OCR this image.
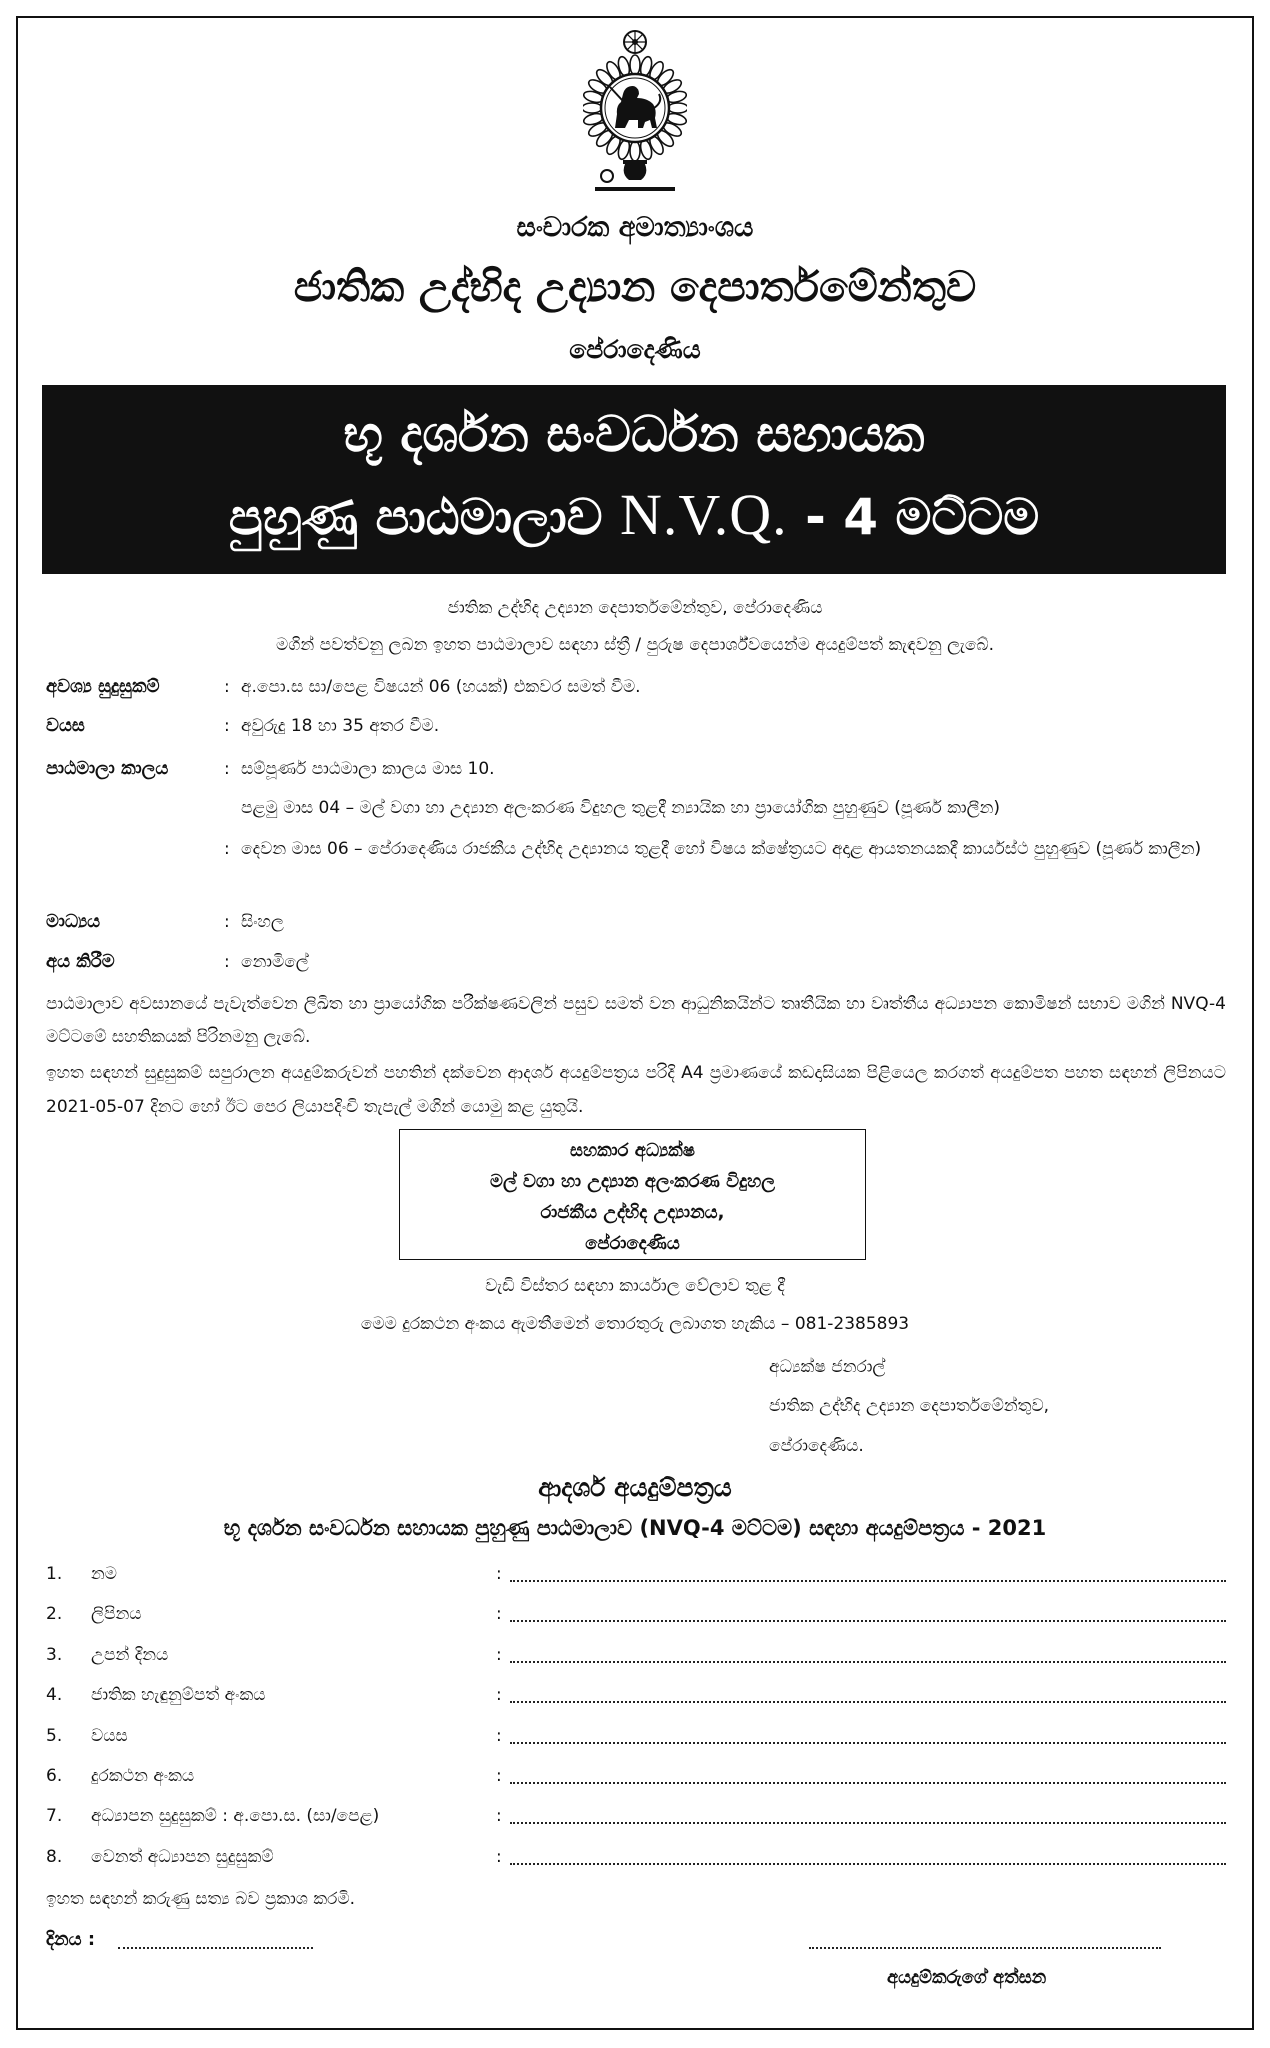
සංචාරක අමාත්‍යාංශය
ජාතික උද්භිද උද්‍යාන දෙපාර්තමේන්තුව
පේරාදෙණිය
භූ දර්ශන සංවර්ධන සහායක
පුහුණු පාඨමාලාව N.V.Q. - 4 මට්ටම
ජාතික උද්භිද උද්‍යාන දෙපාර්තමේන්තුව, පේරාදෙණිය
මගින් පවත්වනු ලබන ඉහත පාඨමාලාව සඳහා ස්ත්‍රී / පුරුෂ දෙපාර්ශ්වයෙන්ම අයදුම්පත් කැඳවනු ලැබේ.
අවශ්‍ය සුදුසුකම්	: අ.පො.ස සා/පෙළ විෂයන් 06 (හයක්) එකවර සමත් වීම.
වයස	: අවුරුදු 18 හා 35 අතර වීම.
පාඨමාලා කාලය	: සම්පූර්ණ පාඨමාලා කාලය මාස 10.
පළමු මාස 04 – මල් වගා හා උද්‍යාන අලංකරණ විදුහල තුළදී න්‍යායික හා ප්‍රායෝගික පුහුණුව (පූර්ණ කාලීන)
: දෙවන මාස 06 – පේරාදෙණිය රාජකීය උද්භිද උද්‍යානය තුළදී හෝ විෂය ක්ෂේත්‍රයට අදාළ ආයතනයකදී කාර්යස්ථ පුහුණුව (පූර්ණ කාලීන)
මාධ්‍යය	: සිංහල
අය කිරීම	: නොමිලේ
පාඨමාලාව අවසානයේ පැවැත්වෙන ලිඛිත හා ප්‍රායෝගික පරීක්ෂණවලින් පසුව සමත් වන ආධුනිකයින්ට තෘතීයික හා වෘත්තීය අධ්‍යාපන කොමිෂන් සභාව මගින් NVQ-4 මට්ටමේ සහතිකයක් පිරිනමනු ලැබේ.
ඉහත සඳහන් සුදුසුකම් සපුරාලන අයදුම්කරුවන් පහතින් දක්වෙන ආදර්ශ අයදුම්පත්‍රය පරිදි A4 ප්‍රමාණයේ කඩදාසියක පිළියෙල කරගත් අයදුම්පත පහත සඳහන් ලිපිනයට 2021-05-07 දිනට හෝ ඊට පෙර ලියාපදිංචි තැපැල් මගින් යොමු කළ යුතුයි.
සහකාර අධ්‍යක්ෂ
මල් වගා හා උද්‍යාන අලංකරණ විදුහල
රාජකීය උද්භිද උද්‍යානය,
පේරාදෙණිය
වැඩි විස්තර සඳහා කාර්යාල වේලාව තුළ දී
මෙම දුරකථන අංකය ඇමතීමෙන් තොරතුරු ලබාගත හැකිය – 081-2385893
අධ්‍යක්ෂ ජනරාල්
ජාතික උද්භිද උද්‍යාන දෙපාර්තමේන්තුව,
පේරාදෙණිය.
ආදර්ශ අයදුම්පත්‍රය
භූ දර්ශන සංවර්ධන සහායක පුහුණු පාඨමාලාව (NVQ-4 මට්ටම) සඳහා අයදුම්පත්‍රය - 2021
1. නම	:
2. ලිපිනය	:
3. උපන් දිනය	:
4. ජාතික හැඳුනුම්පත් අංකය	:
5. වයස	:
6. දුරකථන අංකය	:
7. අධ්‍යාපන සුදුසුකම් : අ.පො.ස. (සා/පෙළ)	:
8. වෙනත් අධ්‍යාපන සුදුසුකම්	:
ඉහත සඳහන් කරුණු සත්‍ය බව ප්‍රකාශ කරමි.
දිනය :
අයදුම්කරුගේ අත්සන
